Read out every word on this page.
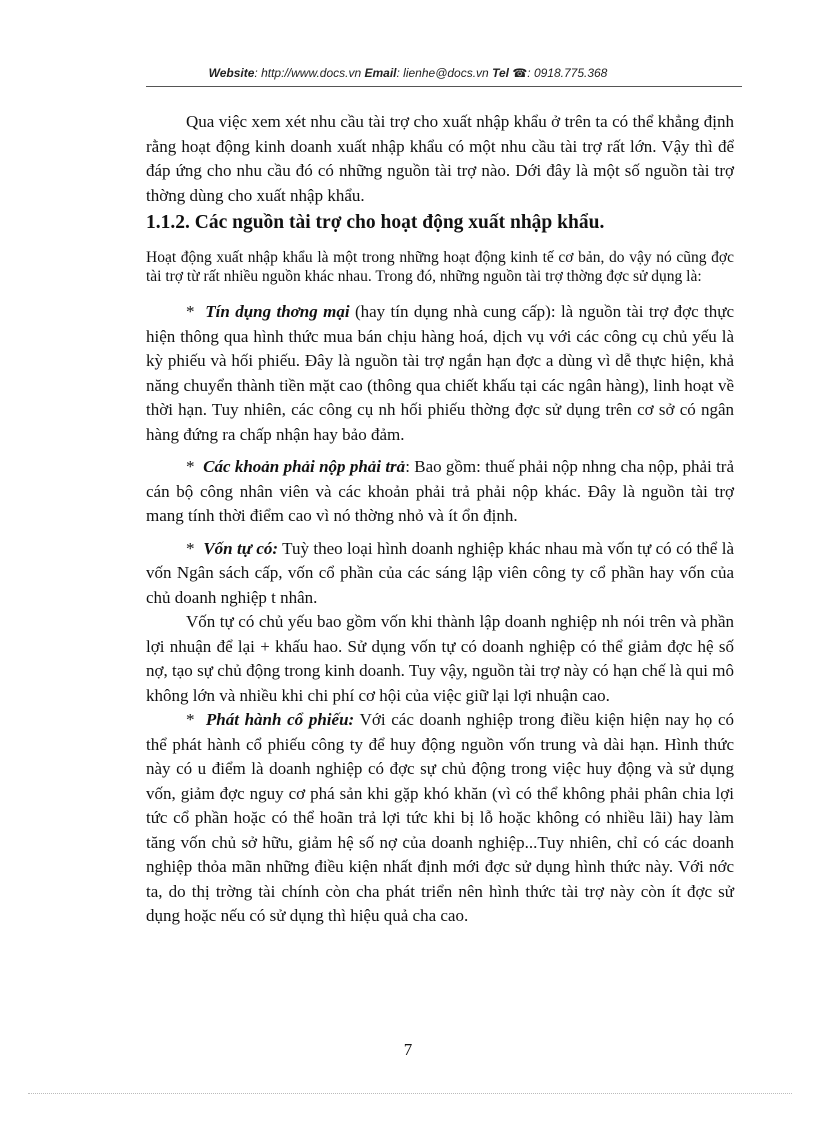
Website: http://www.docs.vn Email: lienhe@docs.vn Tel ☎: 0918.775.368

Qua việc xem xét nhu cầu tài trợ cho xuất nhập khẩu ở trên ta có thể khẳng định rằng hoạt động kinh doanh xuất nhập khẩu có một nhu cầu tài trợ rất lớn. Vậy thì để đáp ứng cho nhu cầu đó có những nguồn tài trợ nào. Dới đây là một số nguồn tài trợ thờng dùng cho xuất nhập khẩu.

1.1.2. Các nguồn tài trợ cho hoạt động xuất nhập khẩu.

Hoạt động xuất nhập khẩu là một trong những hoạt động kinh tế cơ bản, do vậy nó cũng đợc tài trợ từ rất nhiều nguồn khác nhau. Trong đó, những nguồn tài trợ thờng đợc sử dụng là:

* Tín dụng thơng mại (hay tín dụng nhà cung cấp): là nguồn tài trợ đợc thực hiện thông qua hình thức mua bán chịu hàng hoá, dịch vụ với các công cụ chủ yếu là kỳ phiếu và hối phiếu. Đây là nguồn tài trợ ngắn hạn đợc a dùng vì dễ thực hiện, khả năng chuyển thành tiền mặt cao (thông qua chiết khấu tại các ngân hàng), linh hoạt về thời hạn. Tuy nhiên, các công cụ nh hối phiếu thờng đợc sử dụng trên cơ sở có ngân hàng đứng ra chấp nhận hay bảo đảm.

* Các khoản phải nộp phải trả: Bao gồm: thuế phải nộp nhng cha nộp, phải trả cán bộ công nhân viên và các khoản phải trả phải nộp khác. Đây là nguồn tài trợ mang tính thời điểm cao vì nó thờng nhỏ và ít ổn định.

* Vốn tự có: Tuỳ theo loại hình doanh nghiệp khác nhau mà vốn tự có có thể là vốn Ngân sách cấp, vốn cổ phần của các sáng lập viên công ty cổ phần hay vốn của chủ doanh nghiệp t nhân.

Vốn tự có chủ yếu bao gồm vốn khi thành lập doanh nghiệp nh nói trên và phần lợi nhuận để lại + khấu hao. Sử dụng vốn tự có doanh nghiệp có thể giảm đợc hệ số nợ, tạo sự chủ động trong kinh doanh. Tuy vậy, nguồn tài trợ này có hạn chế là qui mô không lớn và nhiều khi chi phí cơ hội của việc giữ lại lợi nhuận cao.

* Phát hành cổ phiếu: Với các doanh nghiệp trong điều kiện hiện nay họ có thể phát hành cổ phiếu công ty để huy động nguồn vốn trung và dài hạn. Hình thức này có u điểm là doanh nghiệp có đợc sự chủ động trong việc huy động và sử dụng vốn, giảm đợc nguy cơ phá sản khi gặp khó khăn (vì có thể không phải phân chia lợi tức cổ phần hoặc có thể hoãn trả lợi tức khi bị lỗ hoặc không có nhiều lãi) hay làm tăng vốn chủ sở hữu, giảm hệ số nợ của doanh nghiệp...Tuy nhiên, chỉ có các doanh nghiệp thỏa mãn những điều kiện nhất định mới đợc sử dụng hình thức này. Với nớc ta, do thị trờng tài chính còn cha phát triển nên hình thức tài trợ này còn ít đợc sử dụng hoặc nếu có sử dụng thì hiệu quả cha cao.

7
